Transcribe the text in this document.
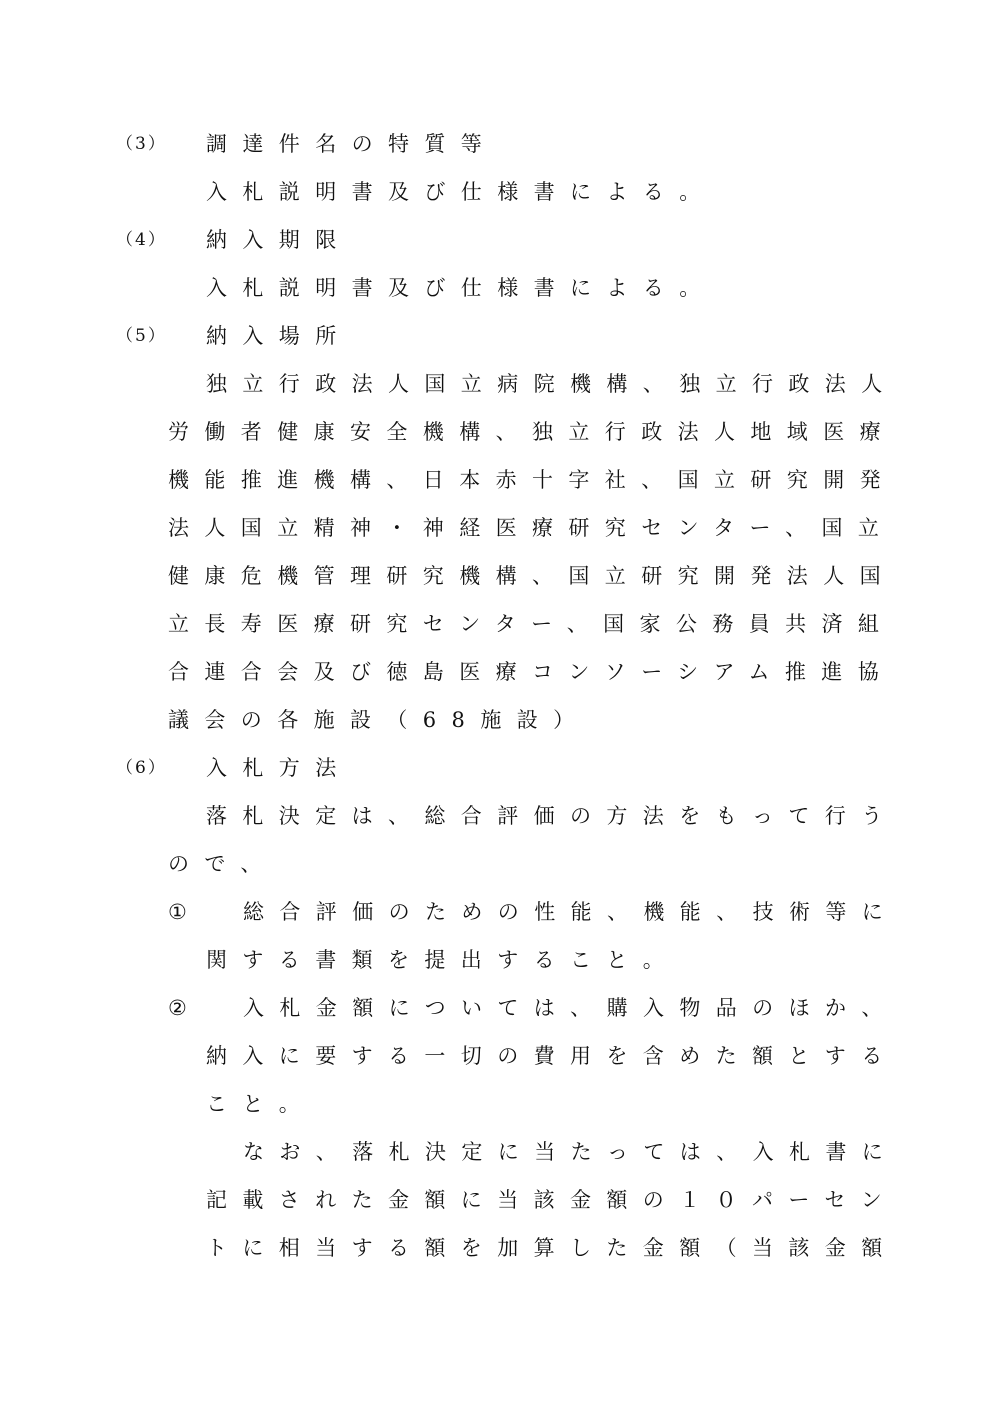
（3）
（4）
（5）
（6）
①
②
調達件名の特質等
入札説明書及び仕様書による。
納入期限
入札説明書及び仕様書による。
納入場所
独立行政法人国立病院機構、独立行政法人
労働者健康安全機構、独立行政法人地域医療
機能推進機構、日本赤十字社、国立研究開発
法人国立精神・神経医療研究センター、国立
健康危機管理研究機構、国立研究開発法人国
立長寿医療研究センター、国家公務員共済組
合連合会及び徳島医療コンソーシアム推進協
議会の各施設（68施設）
入札方法
落札決定は、総合評価の方法をもって行う
ので、
総合評価のための性能、機能、技術等に
関する書類を提出すること。
入札金額については、購入物品のほか、
納入に要する一切の費用を含めた額とする
こと。
なお、落札決定に当たっては、入札書に
記載された金額に当該金額の１０パーセン
トに相当する額を加算した金額（当該金額
